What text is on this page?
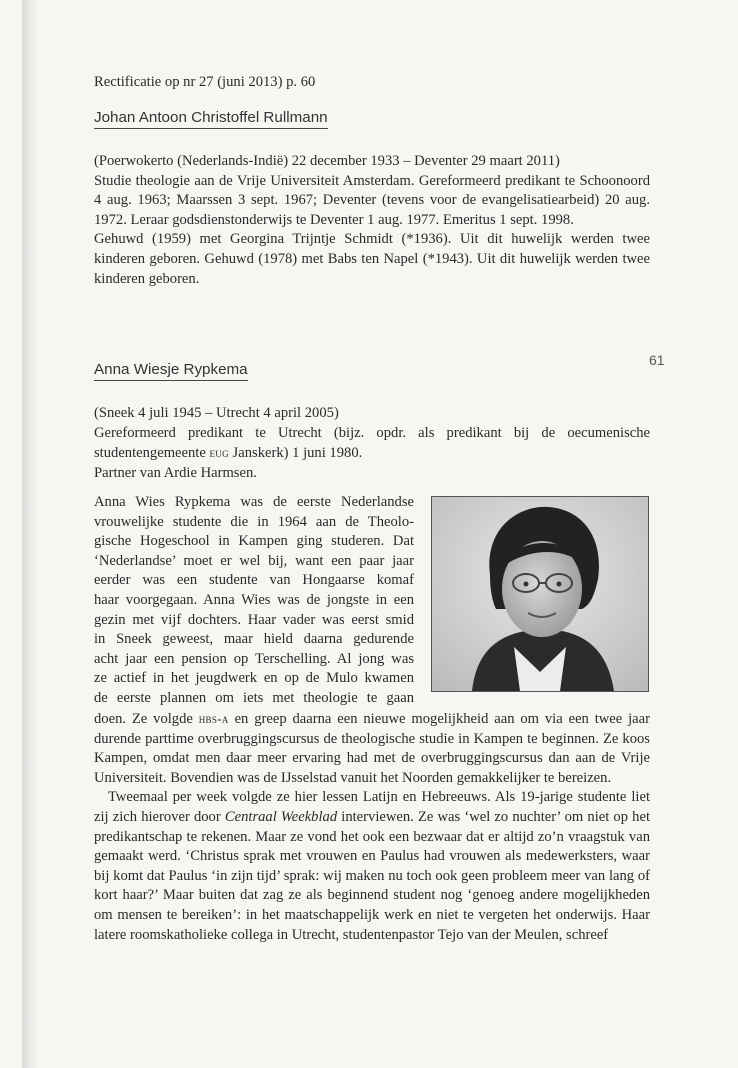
Rectificatie op nr 27 (juni 2013) p. 60
Johan Antoon Christoffel Rullmann

(Poerwokerto (Nederlands-Indië) 22 december 1933 – Deventer 29 maart 2011)

Studie theologie aan de Vrije Universiteit Amsterdam. Gereformeerd predikant te Schoonoord 4 aug. 1963; Maarssen 3 sept. 1967; Deventer (tevens voor de evangelisatiearbeid) 20 aug. 1972. Leraar godsdienstonderwijs te Deventer 1 aug. 1977. Emeritus 1 sept. 1998.

Gehuwd (1959) met Georgina Trijntje Schmidt (*1936). Uit dit huwelijk werden twee kinderen geboren. Gehuwd (1978) met Babs ten Napel (*1943). Uit dit huwelijk werden twee kinderen geboren.

61
Anna Wiesje Rypkema

(Sneek 4 juli 1945 – Utrecht 4 april 2005)

Gereformeerd predikant te Utrecht (bijz. opdr. als predikant bij de oecumenische studentengemeente eug Janskerk) 1 juni 1980.

Partner van Ardie Harmsen.

Anna Wies Rypkema was de eerste Nederlandse
vrouwelijke studente die in 1964 aan de Theolo-
gische Hogeschool in Kampen ging studeren. Dat
‘Nederlandse’ moet er wel bij, want een paar jaar
eerder was een studente van Hongaarse komaf
haar voorgegaan. Anna Wies was de jongste in een
gezin met vijf dochters. Haar vader was eerst smid
in Sneek geweest, maar hield daarna gedurende
acht jaar een pension op Terschelling. Al jong was
ze actief in het jeugdwerk en op de Mulo kwamen
de eerste plannen om iets met theologie te gaan

doen. Ze volgde hbs-a en greep daarna een nieuwe mogelijkheid aan om via een twee jaar durende parttime overbruggingscursus de theologische studie in Kampen te beginnen. Ze koos Kampen, omdat men daar meer ervaring had met de overbruggingscursus dan aan de Vrije Universiteit. Bovendien was de IJsselstad vanuit het Noorden gemakkelijker te bereizen.

Tweemaal per week volgde ze hier lessen Latijn en Hebreeuws. Als 19-jarige studente liet zij zich hierover door Centraal Weekblad interviewen. Ze was ‘wel zo nuchter’ om niet op het predikantschap te rekenen. Maar ze vond het ook een bezwaar dat er altijd zo’n vraagstuk van gemaakt werd. ‘Christus sprak met vrouwen en Paulus had vrouwen als medewerksters, waar bij komt dat Paulus ‘in zijn tijd’ sprak: wij maken nu toch ook geen probleem meer van lang of kort haar?’ Maar buiten dat zag ze als beginnend student nog ‘genoeg andere mogelijkheden om mensen te bereiken’: in het maatschappelijk werk en niet te vergeten het onderwijs. Haar latere roomskatholieke collega in Utrecht, studentenpastor Tejo van der Meulen, schreef
